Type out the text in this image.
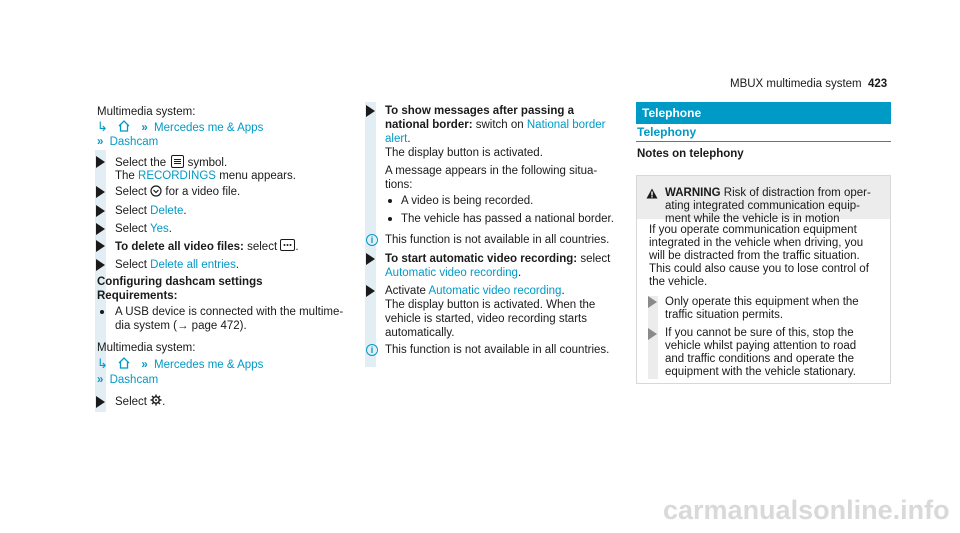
MBUX multimedia system 423
Multimedia system:
↳	» Mercedes me & Apps
» Dashcam
Select the symbol.
The RECORDINGS menu appears.
Select for a video file.
Select Delete.
Select Yes.
To delete all video files: select .
Select Delete all entries.
Configuring dashcam settings
Requirements:
A USB device is connected with the multime-
dia system (→ page 472).
Multimedia system:
↳	» Mercedes me & Apps
» Dashcam
Select .
To show messages after passing a
national border: switch on National border
alert.
The display button is activated.
A message appears in the following situa-
tions:
A video is being recorded.
The vehicle has passed a national border.
i	This function is not available in all countries.
To start automatic video recording: select
Automatic video recording.
Activate Automatic video recording.
The display button is activated. When the
vehicle is started, video recording starts
automatically.
i	This function is not available in all countries.
Telephone
Telephony
Notes on telephony
WARNING Risk of distraction from oper-
ating integrated communication equip-
ment while the vehicle is in motion
If you operate communication equipment
integrated in the vehicle when driving, you
will be distracted from the traffic situation.
This could also cause you to lose control of
the vehicle.
Only operate this equipment when the
traffic situation permits.
If you cannot be sure of this, stop the
vehicle whilst paying attention to road
and traffic conditions and operate the
equipment with the vehicle stationary.
carmanualsonline.info
